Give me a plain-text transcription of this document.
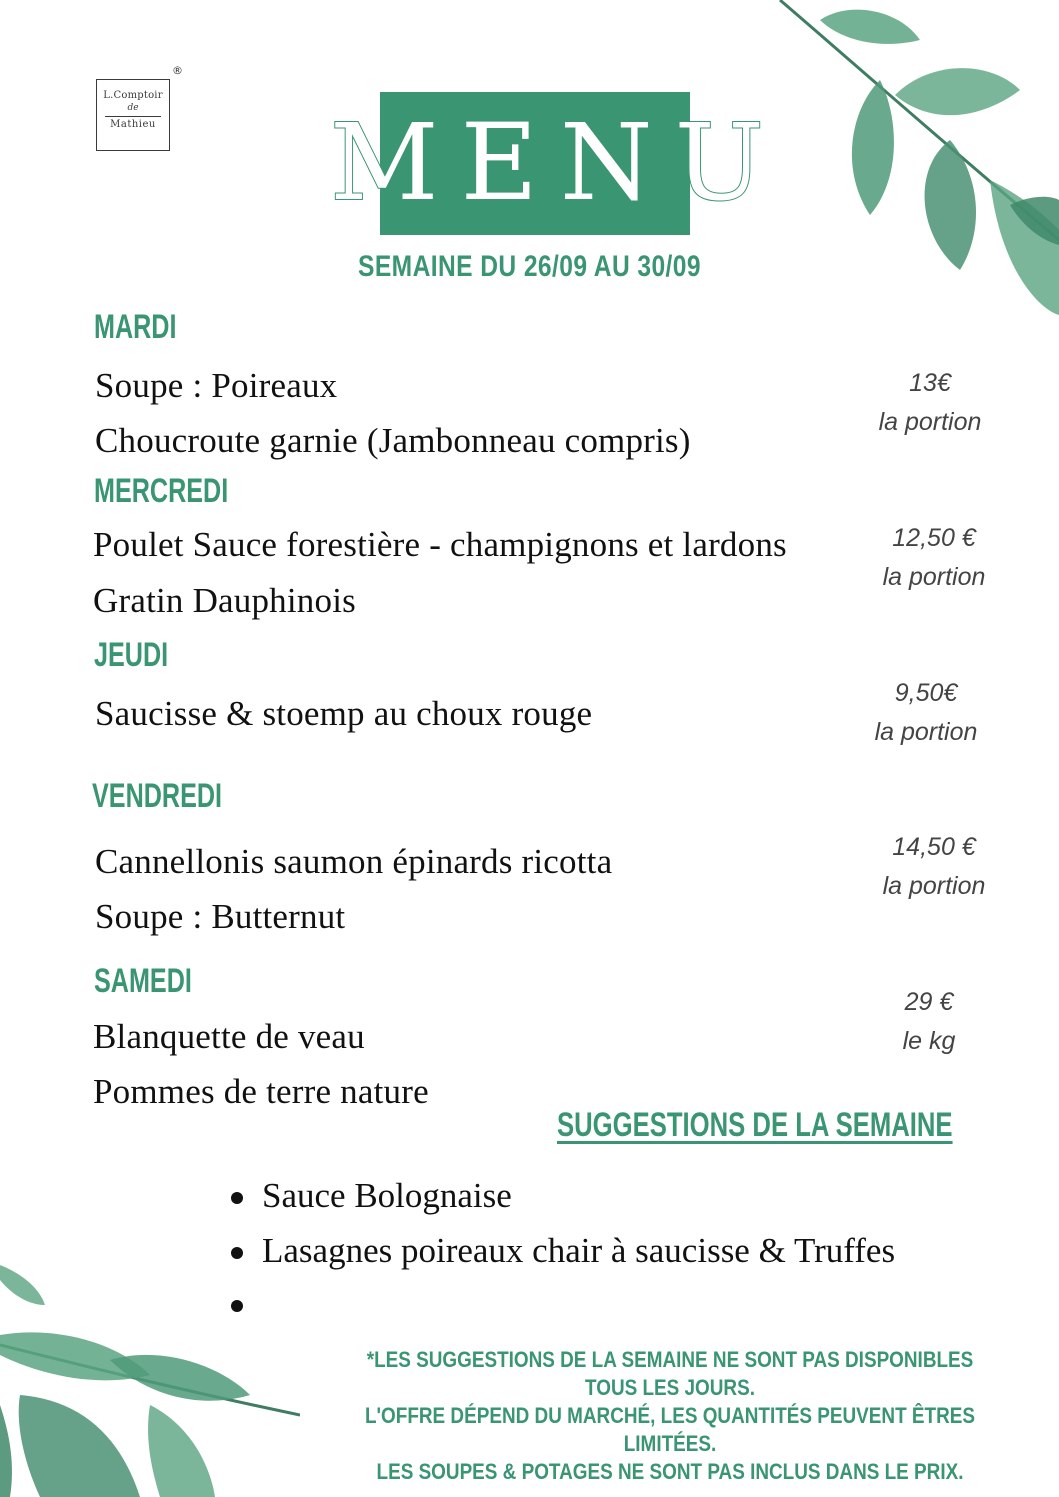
L.Comptoir
de
Mathieu
®
MENU
SEMAINE DU 26/09 AU 30/09
MARDI
Soupe : Poireaux
Choucroute garnie (Jambonneau compris)
13€
la portion
MERCREDI
Poulet Sauce forestière - champignons et lardons
Gratin Dauphinois
12,50 €
la portion
JEUDI
Saucisse & stoemp au choux rouge
9,50€
la portion
VENDREDI
Cannellonis saumon épinards ricotta
Soupe : Butternut
14,50 €
la portion
SAMEDI
Blanquette de veau
Pommes de terre nature
29 €
le kg
SUGGESTIONS DE LA SEMAINE
Sauce Bolognaise
Lasagnes poireaux chair à saucisse & Truffes
*LES SUGGESTIONS DE LA SEMAINE NE SONT PAS DISPONIBLES TOUS LES JOURS.
L'OFFRE DÉPEND DU MARCHÉ, LES QUANTITÉS PEUVENT ÊTRES LIMITÉES.
LES SOUPES & POTAGES NE SONT PAS INCLUS DANS LE PRIX.
